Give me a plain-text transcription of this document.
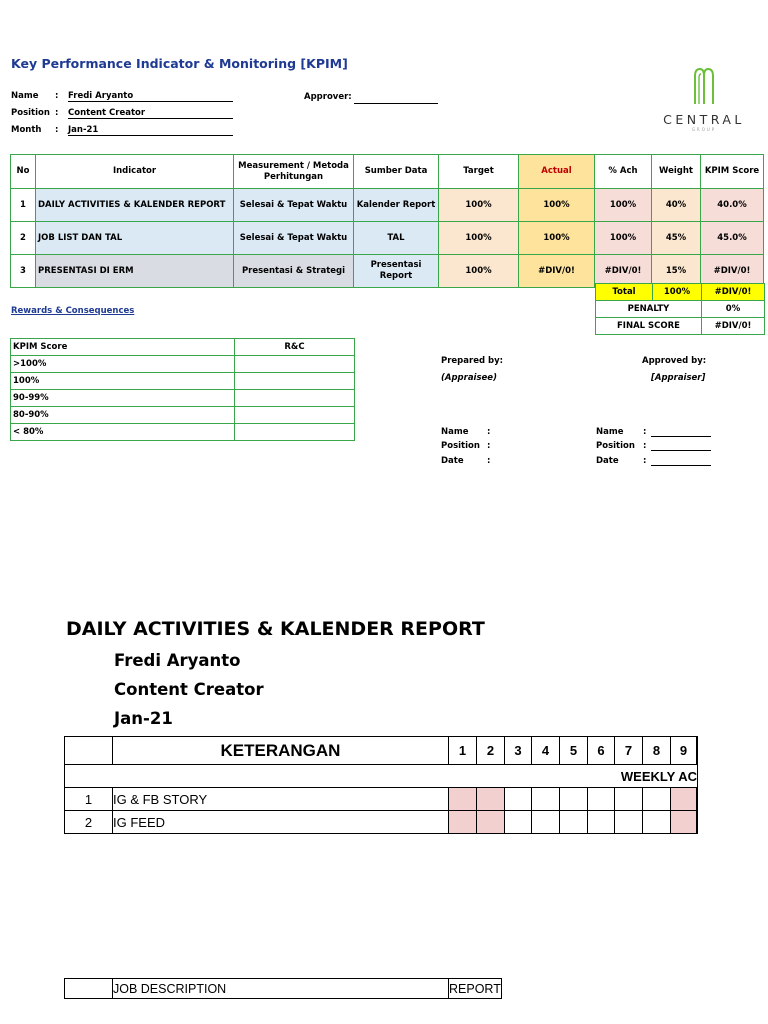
Key Performance Indicator & Monitoring [KPIM]
Name : Fredi Aryanto
Position : Content Creator
Month : Jan-21
Approver:
CENTRAL
GROUP
No	Indicator	Measurement / Metoda Perhitungan	Sumber Data	Target	Actual	% Ach	Weight	KPIM Score
1	DAILY ACTIVITIES & KALENDER REPORT	Selesai & Tepat Waktu	Kalender Report	100%	100%	100%	40%	40.0%
2	JOB LIST DAN TAL	Selesai & Tepat Waktu	TAL	100%	100%	100%	45%	45.0%
3	PRESENTASI DI ERM	Presentasi & Strategi	Presentasi Report	100%	#DIV/0!	#DIV/0!	15%	#DIV/0!
Total	100%	#DIV/0!
PENALTY		0%
FINAL SCORE		#DIV/0!
Rewards & Consequences
KPIM Score	R&C
>100%	
100%	
90-99%	
80-90%	
< 80%	
Prepared by:
(Appraisee)
Approved by:
[Appraiser]
Name :
Position :
Date	:
Name :
Position :
Date	:
DAILY ACTIVITIES & KALENDER REPORT
Fredi Aryanto
Content Creator
Jan-21
	KETERANGAN	1	2	3	4	5	6	7	8	9	
WEEKLY AC											
1	IG & FB STORY										
2	IG FEED										
	JOB DESCRIPTION	REPORT
